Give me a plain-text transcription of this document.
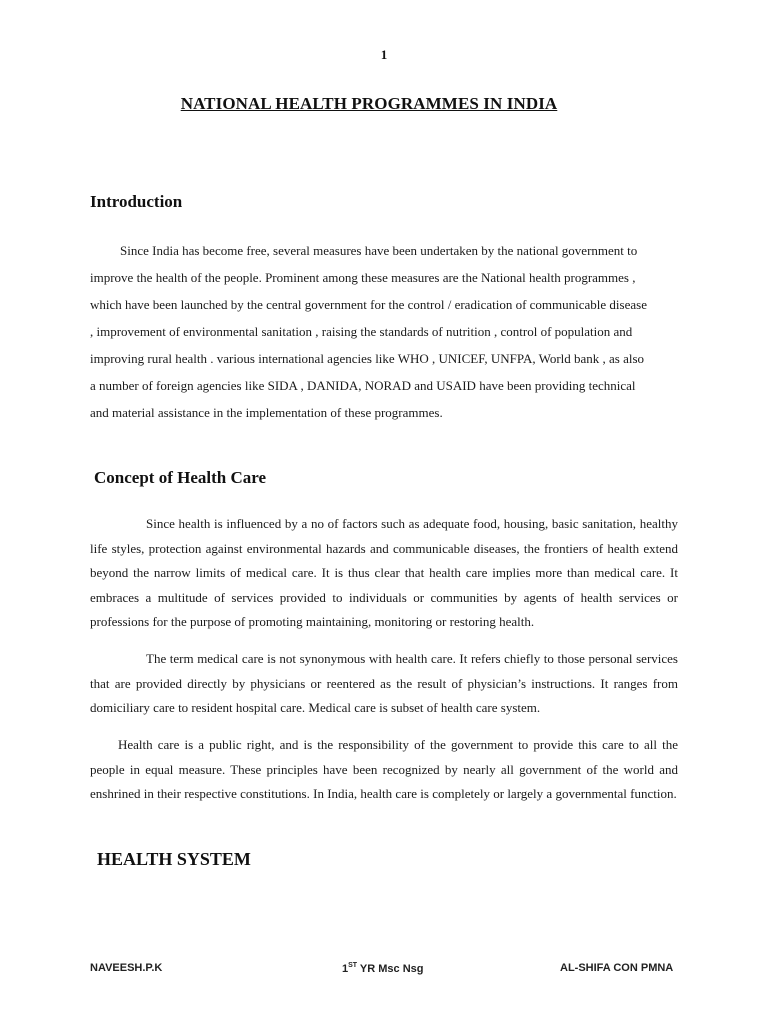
1
NATIONAL HEALTH PROGRAMMES IN INDIA
Introduction

Since India has become free, several measures have been undertaken by the national government to improve the health of the people. Prominent among these measures are the National health programmes , which have been launched by the central government for the control / eradication of communicable disease , improvement of environmental sanitation , raising the standards of nutrition , control of population and improving rural health . various international agencies like WHO , UNICEF, UNFPA, World bank , as also a number of foreign agencies like SIDA , DANIDA, NORAD and USAID have been providing technical and material assistance in the implementation of these programmes.

Concept of Health Care

Since health is influenced by a no of factors such as adequate food, housing, basic sanitation, healthy life styles, protection against environmental hazards and communicable diseases, the frontiers of health extend beyond the narrow limits of medical care. It is thus clear that health care implies more than medical care. It embraces a multitude of services provided to individuals or communities by agents of health services or professions for the purpose of promoting maintaining, monitoring or restoring health.

The term medical care is not synonymous with health care. It refers chiefly to those personal services that are provided directly by physicians or reentered as the result of physician’s instructions. It ranges from domiciliary care to resident hospital care. Medical care is subset of health care system.

Health care is a public right, and is the responsibility of the government to provide this care to all the people in equal measure. These principles have been recognized by nearly all government of the world and enshrined in their respective constitutions. In India, health care is completely or largely a governmental function.

HEALTH SYSTEM
NAVEESH.P.K	1ST YR Msc Nsg	AL-SHIFA CON PMNA
